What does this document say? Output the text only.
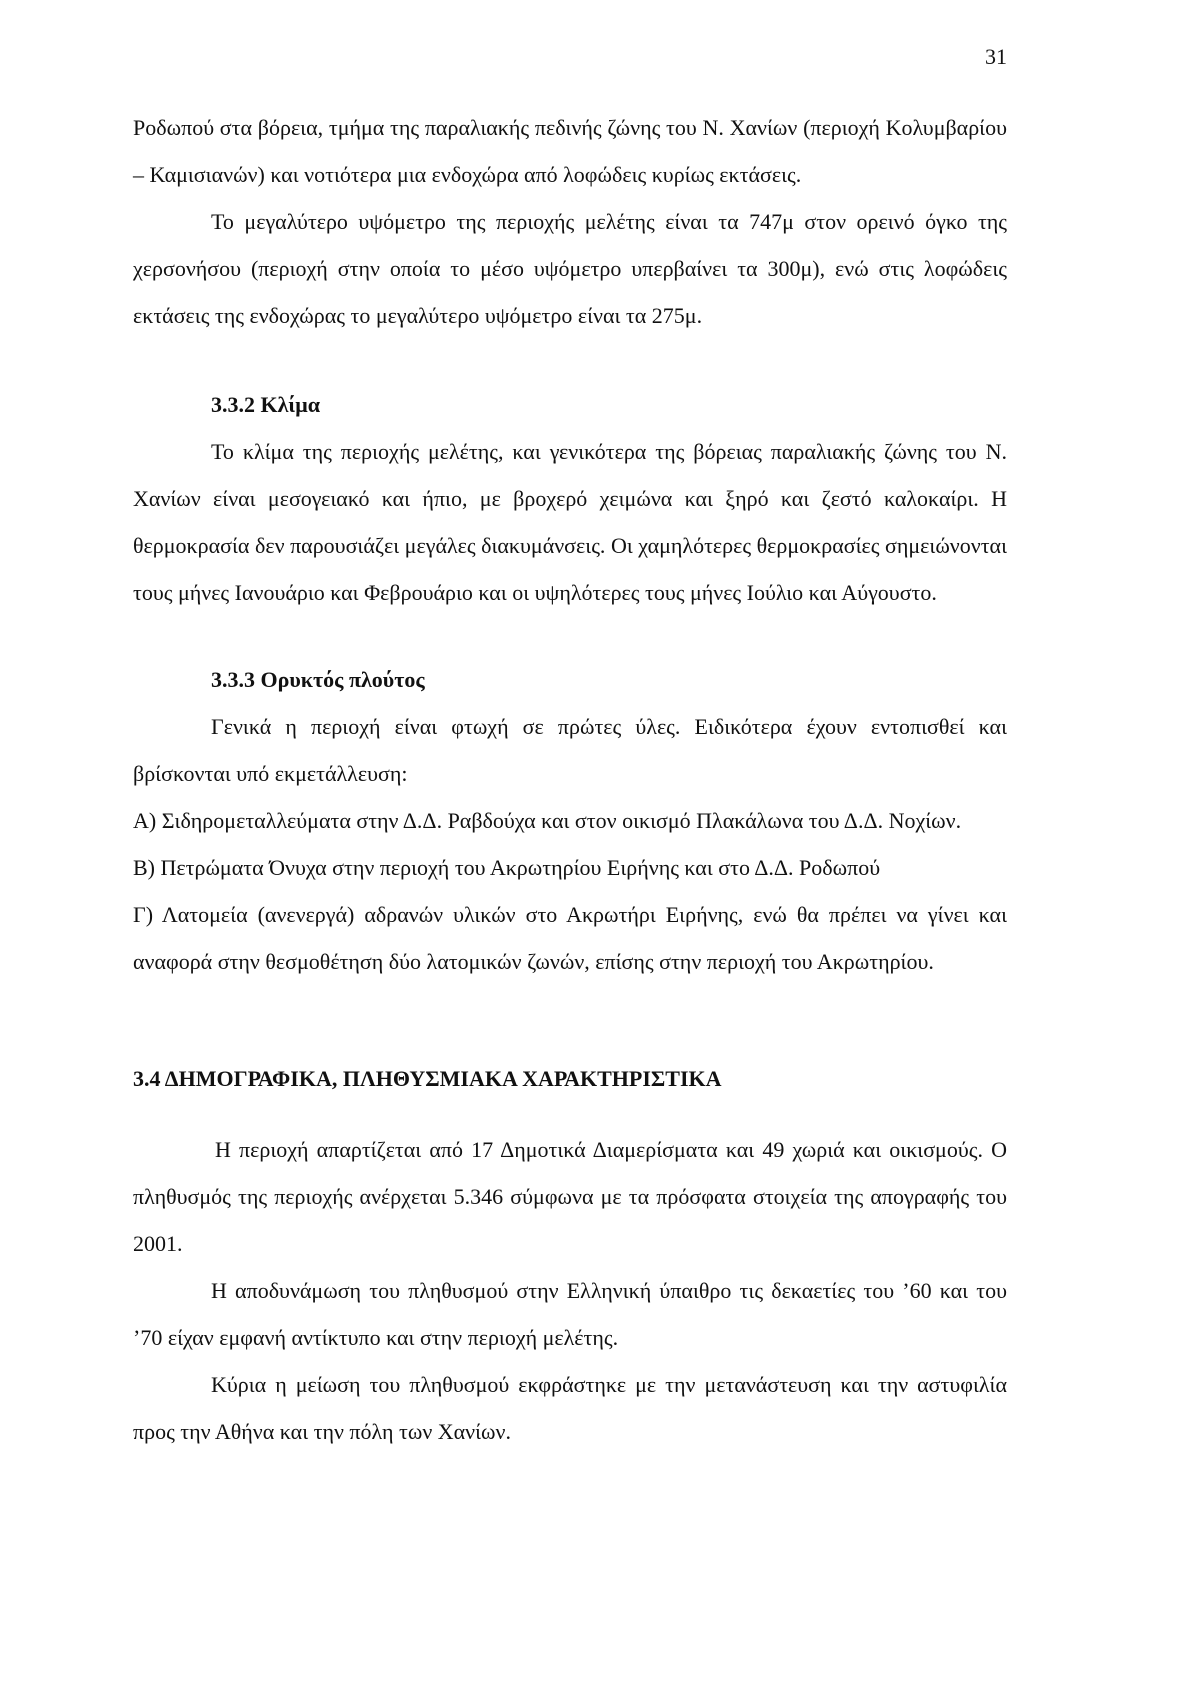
31

Ροδωπού στα βόρεια, τμήμα της παραλιακής πεδινής ζώνης του Ν. Χανίων (περιοχή Κολυμβαρίου – Καμισιανών) και νοτιότερα μια ενδοχώρα από λοφώδεις κυρίως εκτάσεις.

Το μεγαλύτερο υψόμετρο της περιοχής μελέτης είναι τα 747μ στον ορεινό όγκο της χερσονήσου (περιοχή στην οποία το μέσο υψόμετρο υπερβαίνει τα 300μ), ενώ στις λοφώδεις εκτάσεις της ενδοχώρας το μεγαλύτερο υψόμετρο είναι τα 275μ.

3.3.2 Κλίμα

Το κλίμα της περιοχής μελέτης, και γενικότερα της βόρειας παραλιακής ζώνης του Ν. Χανίων είναι μεσογειακό και ήπιο, με βροχερό χειμώνα και ξηρό και ζεστό καλοκαίρι. Η θερμοκρασία δεν παρουσιάζει μεγάλες διακυμάνσεις. Οι χαμηλότερες θερμοκρασίες σημειώνονται τους μήνες Ιανουάριο και Φεβρουάριο και οι υψηλότερες τους μήνες Ιούλιο και Αύγουστο.

3.3.3 Ορυκτός πλούτος

Γενικά η περιοχή είναι φτωχή σε πρώτες ύλες. Ειδικότερα έχουν εντοπισθεί και βρίσκονται υπό εκμετάλλευση:

Α) Σιδηρομεταλλεύματα στην Δ.Δ. Ραβδούχα και στον οικισμό Πλακάλωνα του Δ.Δ. Νοχίων.

Β) Πετρώματα Όνυχα στην περιοχή του Ακρωτηρίου Ειρήνης και στο Δ.Δ. Ροδωπού

Γ) Λατομεία (ανενεργά) αδρανών υλικών στο Ακρωτήρι Ειρήνης, ενώ θα πρέπει να γίνει και αναφορά στην θεσμοθέτηση δύο λατομικών ζωνών, επίσης στην περιοχή του Ακρωτηρίου.

3.4 ΔΗΜΟΓΡΑΦΙΚΑ, ΠΛΗΘΥΣΜΙΑΚΑ ΧΑΡΑΚΤΗΡΙΣΤΙΚΑ

Η περιοχή απαρτίζεται από 17 Δημοτικά Διαμερίσματα και 49 χωριά και οικισμούς. Ο πληθυσμός της περιοχής ανέρχεται 5.346 σύμφωνα με τα πρόσφατα στοιχεία της απογραφής του 2001.

Η αποδυνάμωση του πληθυσμού στην Ελληνική ύπαιθρο τις δεκαετίες του ’60 και του ’70 είχαν εμφανή αντίκτυπο και στην περιοχή μελέτης.

Κύρια η μείωση του πληθυσμού εκφράστηκε με την μετανάστευση και την αστυφιλία προς την Αθήνα και την πόλη των Χανίων.
